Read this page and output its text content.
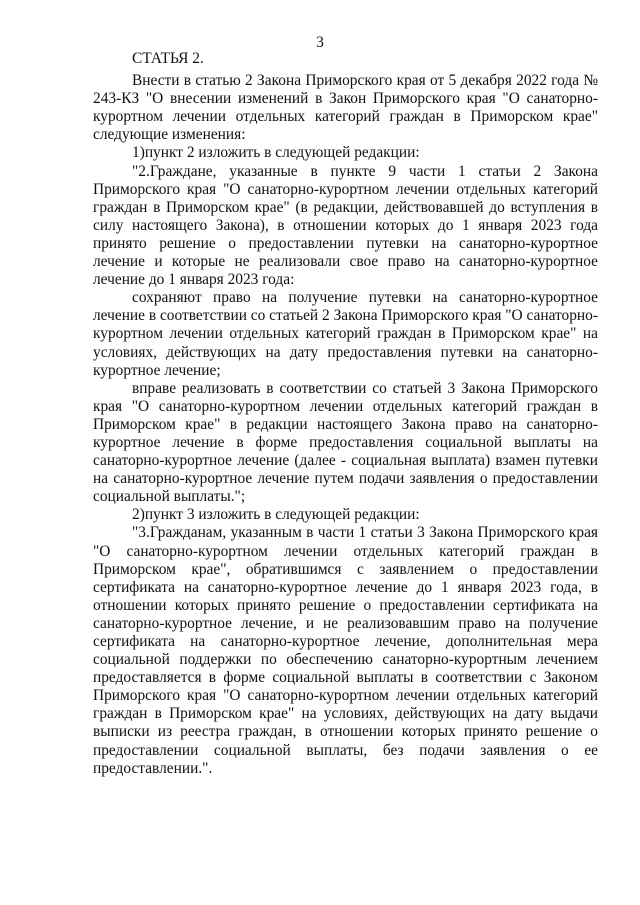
3
СТАТЬЯ 2.

Внести в статью 2 Закона Приморского края от 5 декабря 2022 года № 243-КЗ "О внесении изменений в Закон Приморского края "О санаторно-курортном лечении отдельных категорий граждан в Приморском крае" следующие изменения:

1)пункт 2 изложить в следующей редакции:

"2.Граждане, указанные в пункте 9 части 1 статьи 2 Закона Приморского края "О санаторно-курортном лечении отдельных категорий граждан в Приморском крае" (в редакции, действовавшей до вступления в силу настоящего Закона), в отношении которых до 1 января 2023 года принято решение о предоставлении путевки на санаторно-курортное лечение и которые не реализовали свое право на санаторно-курортное лечение до 1 января 2023 года:

сохраняют право на получение путевки на санаторно-курортное лечение в соответствии со статьей 2 Закона Приморского края "О санаторно-курортном лечении отдельных категорий граждан в Приморском крае" на условиях, действующих на дату предоставления путевки на санаторно-курортное лечение;

вправе реализовать в соответствии со статьей 3 Закона Приморского края "О санаторно-курортном лечении отдельных категорий граждан в Приморском крае" в редакции настоящего Закона право на санаторно-курортное лечение в форме предоставления социальной выплаты на санаторно-курортное лечение (далее - социальная выплата) взамен путевки на санаторно-курортное лечение путем подачи заявления о предоставлении социальной выплаты.";

2)пункт 3 изложить в следующей редакции:

"3.Гражданам, указанным в части 1 статьи 3 Закона Приморского края "О санаторно-курортном лечении отдельных категорий граждан в Приморском крае", обратившимся с заявлением о предоставлении сертификата на санаторно-курортное лечение до 1 января 2023 года, в отношении которых принято решение о предоставлении сертификата на санаторно-курортное лечение, и не реализовавшим право на получение сертификата на санаторно-курортное лечение, дополнительная мера социальной поддержки по обеспечению санаторно-курортным лечением предоставляется в форме социальной выплаты в соответствии с Законом Приморского края "О санаторно-курортном лечении отдельных категорий граждан в Приморском крае" на условиях, действующих на дату выдачи выписки из реестра граждан, в отношении которых принято решение о предоставлении социальной выплаты, без подачи заявления о ее предоставлении.".
